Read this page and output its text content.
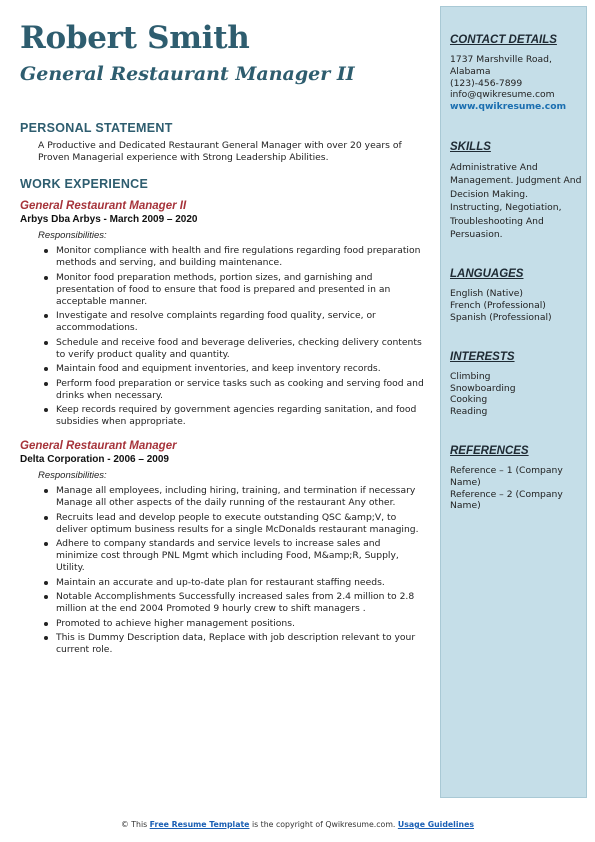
Robert Smith
General Restaurant Manager II
PERSONAL STATEMENT
A Productive and Dedicated Restaurant General Manager with over 20 years of Proven Managerial experience with Strong Leadership Abilities.
WORK EXPERIENCE
General Restaurant Manager II
Arbys Dba Arbys - March 2009 – 2020
Responsibilities:
Monitor compliance with health and fire regulations regarding food preparation methods and serving, and building maintenance.
Monitor food preparation methods, portion sizes, and garnishing and presentation of food to ensure that food is prepared and presented in an acceptable manner.
Investigate and resolve complaints regarding food quality, service, or accommodations.
Schedule and receive food and beverage deliveries, checking delivery contents to verify product quality and quantity.
Maintain food and equipment inventories, and keep inventory records.
Perform food preparation or service tasks such as cooking and serving food and drinks when necessary.
Keep records required by government agencies regarding sanitation, and food subsidies when appropriate.
General Restaurant Manager
Delta Corporation - 2006 – 2009
Responsibilities:
Manage all employees, including hiring, training, and termination if necessary Manage all other aspects of the daily running of the restaurant Any other.
Recruits lead and develop people to execute outstanding QSC &amp;V, to deliver optimum business results for a single McDonalds restaurant managing.
Adhere to company standards and service levels to increase sales and minimize cost through PNL Mgmt which including Food, M&amp;R, Supply, Utility.
Maintain an accurate and up-to-date plan for restaurant staffing needs.
Notable Accomplishments Successfully increased sales from 2.4 million to 2.8 million at the end 2004 Promoted 9 hourly crew to shift managers .
Promoted to achieve higher management positions.
This is Dummy Description data, Replace with job description relevant to your current role.
CONTACT DETAILS
1737 Marshville Road,
Alabama
(123)-456-7899
info@qwikresume.com
www.qwikresume.com
SKILLS
Administrative And Management. Judgment And Decision Making. Instructing, Negotiation, Troubleshooting And Persuasion.
LANGUAGES
English (Native)
French (Professional)
Spanish (Professional)
INTERESTS
Climbing
Snowboarding
Cooking
Reading
REFERENCES
Reference – 1 (Company Name)
Reference – 2 (Company Name)
© This Free Resume Template is the copyright of Qwikresume.com. Usage Guidelines
